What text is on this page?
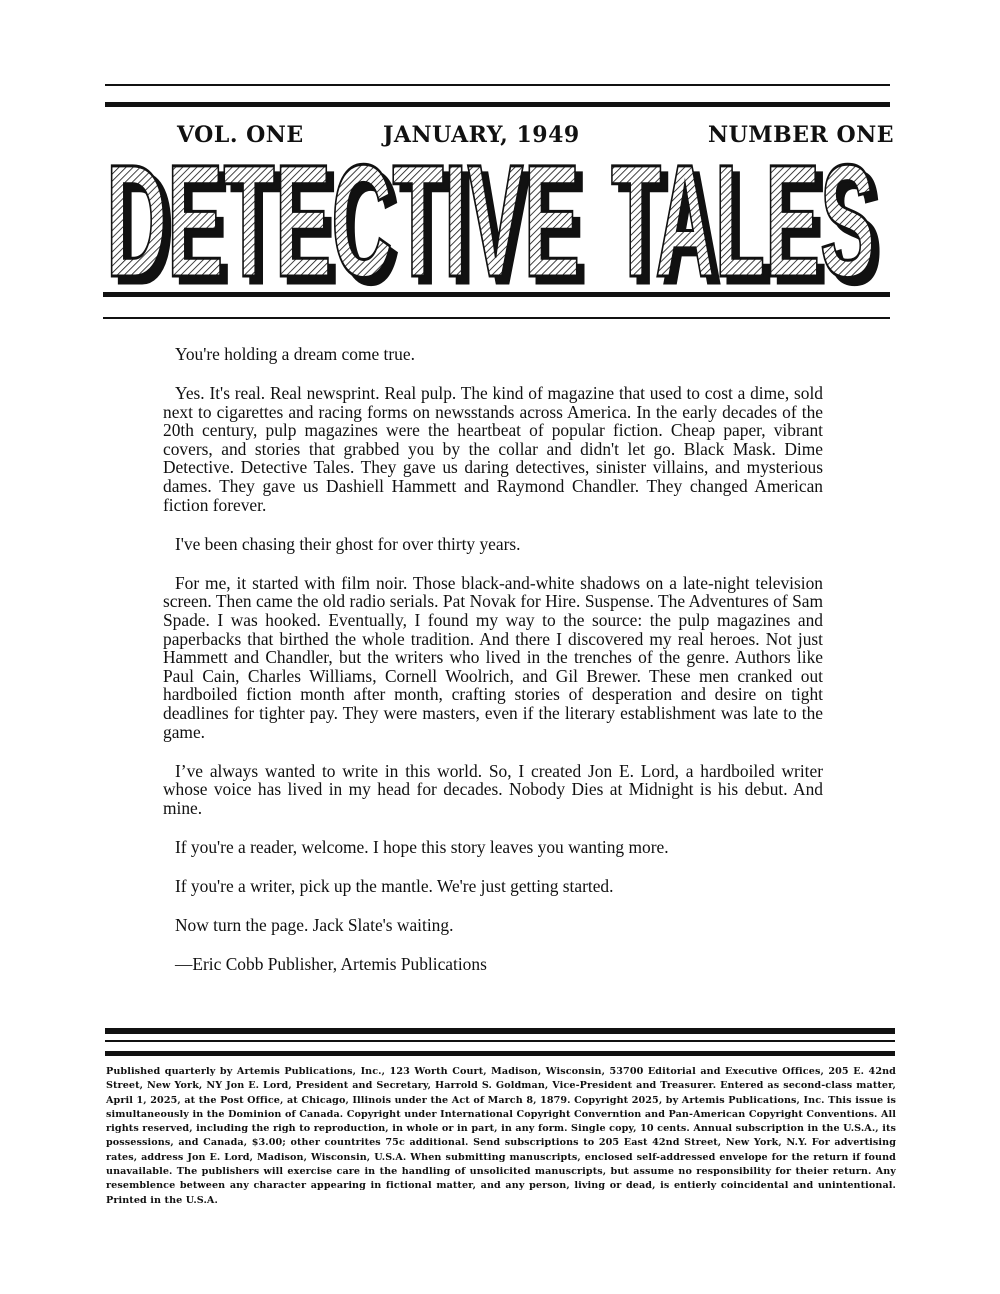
VOL. ONE	JANUARY, 1949	NUMBER ONE
DETECTIVE
DETECTIVE TALES
TALES

You're holding a dream come true.

Yes. It's real. Real newsprint. Real pulp. The kind of magazine that used to cost a dime, sold next to cigarettes and racing forms on newsstands across America. In the early decades of the 20th century, pulp magazines were the heartbeat of popular fiction. Cheap paper, vibrant covers, and stories that grabbed you by the collar and didn't let go. Black Mask. Dime Detective. Detective Tales. They gave us daring detectives, sinister villains, and mysterious dames. They gave us Dashiell Hammett and Raymond Chandler. They changed American fiction forever.

I've been chasing their ghost for over thirty years.

For me, it started with film noir. Those black-and-white shadows on a late-night television screen. Then came the old radio serials. Pat Novak for Hire. Suspense. The Adventures of Sam Spade. I was hooked. Eventually, I found my way to the source: the pulp magazines and paperbacks that birthed the whole tradition. And there I discovered my real heroes. Not just Hammett and Chandler, but the writers who lived in the trenches of the genre. Authors like Paul Cain, Charles Williams, Cornell Woolrich, and Gil Brewer. These men cranked out hardboiled fiction month after month, crafting stories of desperation and desire on tight deadlines for tighter pay. They were masters, even if the literary establishment was late to the game.

I’ve always wanted to write in this world. So, I created Jon E. Lord, a hardboiled writer whose voice has lived in my head for decades. Nobody Dies at Midnight is his debut. And mine.

If you're a reader, welcome. I hope this story leaves you wanting more.

If you're a writer, pick up the mantle. We're just getting started.

Now turn the page. Jack Slate's waiting.

—Eric Cobb Publisher, Artemis Publications

Published quarterly by Artemis Publications, Inc., 123 Worth Court, Madison, Wisconsin, 53700 Editorial and Executive Offices, 205 E. 42nd Street, New York, NY Jon E. Lord, President and Secretary, Harrold S. Goldman, Vice-President and Treasurer. Entered as second-class matter, April 1, 2025, at the Post Office, at Chicago, Illinois under the Act of March 8, 1879. Copyright 2025, by Artemis Publications, Inc. This issue is simultaneously in the Dominion of Canada. Copyright under International Copyright Converntion and Pan-American Copyright Conventions. All rights reserved, including the righ to reproduction, in whole or in part, in any form. Single copy, 10 cents. Annual subscription in the U.S.A., its possessions, and Canada, $3.00; other countrites 75c additional. Send subscriptions to 205 East 42nd Street, New York, N.Y. For advertising rates, address Jon E. Lord, Madison, Wisconsin, U.S.A. When submitting manuscripts, enclosed self-addressed envelope for the return if found unavailable. The publishers will exercise care in the handling of unsolicited manuscripts, but assume no responsibility for theier return. Any resemblence between any character appearing in fictional matter, and any person, living or dead, is entierly coincidental and unintentional. Printed in the U.S.A.
